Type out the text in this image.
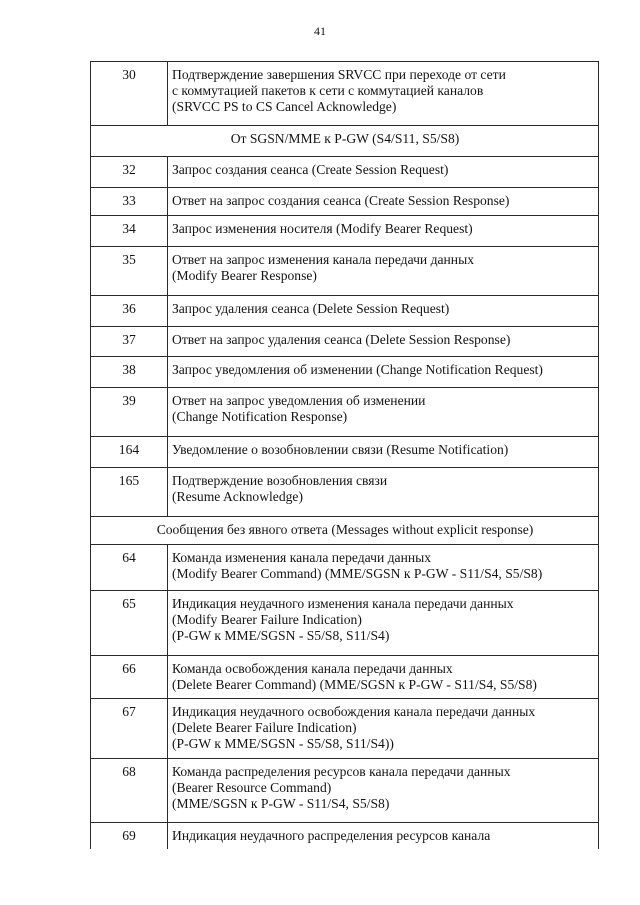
41
30	Подтверждение завершения SRVCC при переходе от сети
с коммутацией пакетов к сети с коммутацией каналов
(SRVCC PS to CS Cancel Acknowledge)

От SGSN/MME к P-GW (S4/S11, S5/S8)	
32	Запрос создания сеанса (Create Session Request)

33	Ответ на запрос создания сеанса (Create Session Response)

34	Запрос изменения носителя (Modify Bearer Request)

35	Ответ на запрос изменения канала передачи данных
(Modify Bearer Response)

36	Запрос удаления сеанса (Delete Session Request)

37	Ответ на запрос удаления сеанса (Delete Session Response)

38	Запрос уведомления об изменении (Change Notification Request)

39	Ответ на запрос уведомления об изменении
(Change Notification Response)

164	Уведомление о возобновлении связи (Resume Notification)

165	Подтверждение возобновления связи
(Resume Acknowledge)

Сообщения без явного ответа (Messages without explicit response)	
64	Команда изменения канала передачи данных
(Modify Bearer Command) (MME/SGSN к P-GW - S11/S4, S5/S8)

65	Индикация неудачного изменения канала передачи данных
(Modify Bearer Failure Indication)
(P-GW к MME/SGSN - S5/S8, S11/S4)

66	Команда освобождения канала передачи данных
(Delete Bearer Command) (MME/SGSN к P-GW - S11/S4, S5/S8)

67	Индикация неудачного освобождения канала передачи данных
(Delete Bearer Failure Indication)
(P-GW к MME/SGSN - S5/S8, S11/S4))

68	Команда распределения ресурсов канала передачи данных
(Bearer Resource Command)
(MME/SGSN к P-GW - S11/S4, S5/S8)

69	Индикация неудачного распределения ресурсов канала
